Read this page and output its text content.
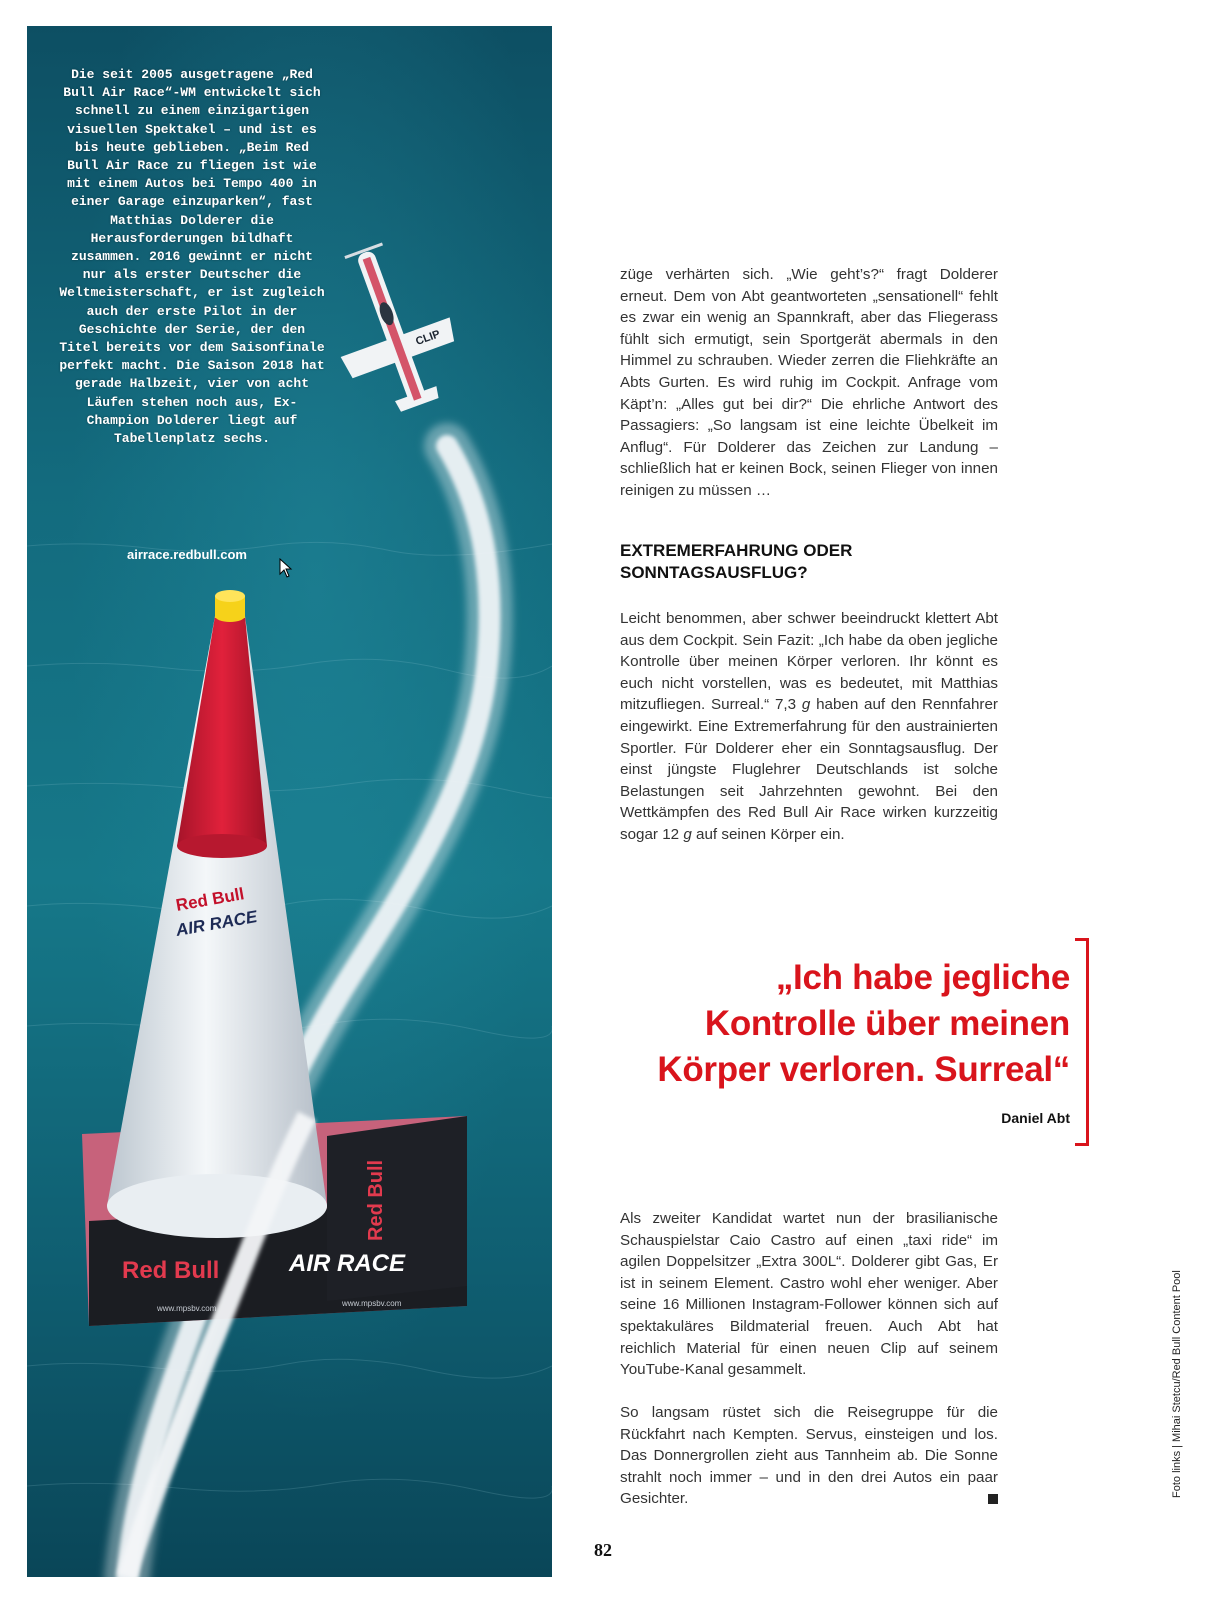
Red Bull	AIR RACE
www.mpsbv.com
www.mpsbv.com
Red Bull
Red Bull
AIR RACE
CLIP
Die seit 2005 ausgetragene „Red Bull Air Race“-WM entwickelt sich schnell zu einem einzigartigen visuellen Spektakel – und ist es bis heute geblieben. „Beim Red Bull Air Race zu fliegen ist wie mit einem Autos bei Tempo 400 in einer Garage einzuparken“, fast Matthias Dolderer die Herausforderungen bildhaft zusammen. 2016 gewinnt er nicht nur als erster Deutscher die Weltmeisterschaft, er ist zugleich auch der erste Pilot in der Geschichte der Serie, der den Titel bereits vor dem Saisonfinale perfekt macht. Die Saison 2018 hat gerade Halbzeit, vier von acht Läufen stehen noch aus, Ex-Champion Dolderer liegt auf Tabellenplatz sechs.
airrace.redbull.com

züge verhärten sich. „Wie geht’s?“ fragt Dolderer erneut. Dem von Abt geantworteten „sensationell“ fehlt es zwar ein wenig an Spannkraft, aber das Fliegerass fühlt sich ermutigt, sein Sportgerät abermals in den Himmel zu schrauben. Wieder zerren die Fliehkräfte an Abts Gurten. Es wird ruhig im Cockpit. Anfrage vom Käpt’n: „Alles gut bei dir?“ Die ehrliche Antwort des Passagiers: „So langsam ist eine leichte Übelkeit im Anflug“. Für Dolderer das Zeichen zur Landung – schließlich hat er keinen Bock, seinen Flieger von innen reinigen zu müssen …

EXTREMERFAHRUNG ODER
SONNTAGSAUSFLUG?

Leicht benommen, aber schwer beeindruckt klettert Abt aus dem Cockpit. Sein Fazit: „Ich habe da oben jegliche Kontrolle über meinen Körper verloren. Ihr könnt es euch nicht vorstellen, was es bedeutet, mit Matthias mitzufliegen. Surreal.“ 7,3 g haben auf den Rennfahrer eingewirkt. Eine Extremerfahrung für den austrainierten Sportler. Für Dolderer eher ein Sonntagsausflug. Der einst jüngste Fluglehrer Deutschlands ist solche Belastungen seit Jahrzehnten gewohnt. Bei den Wettkämpfen des Red Bull Air Race wirken kurzzeitig sogar 12 g auf seinen Körper ein.

„Ich habe jegliche
Kontrolle über meinen
Körper verloren. Surreal“
Daniel Abt

Als zweiter Kandidat wartet nun der brasilianische Schauspielstar Caio Castro auf einen „taxi ride“ im agilen Doppelsitzer „Extra 300L“. Dolderer gibt Gas, Er ist in seinem Element. Castro wohl eher weniger. Aber seine 16 Millionen Instagram-Follower können sich auf spektakuläres Bildmaterial freuen. Auch Abt hat reichlich Material für einen neuen Clip auf seinem YouTube-Kanal gesammelt.

So langsam rüstet sich die Reisegruppe für die Rückfahrt nach Kempten. Servus, einsteigen und los. Das Donnergrollen zieht aus Tannheim ab. Die Sonne strahlt noch immer – und in den drei Autos ein paar Gesichter.

82
Foto links | Mihai Stetcu/Red Bull Content Pool
